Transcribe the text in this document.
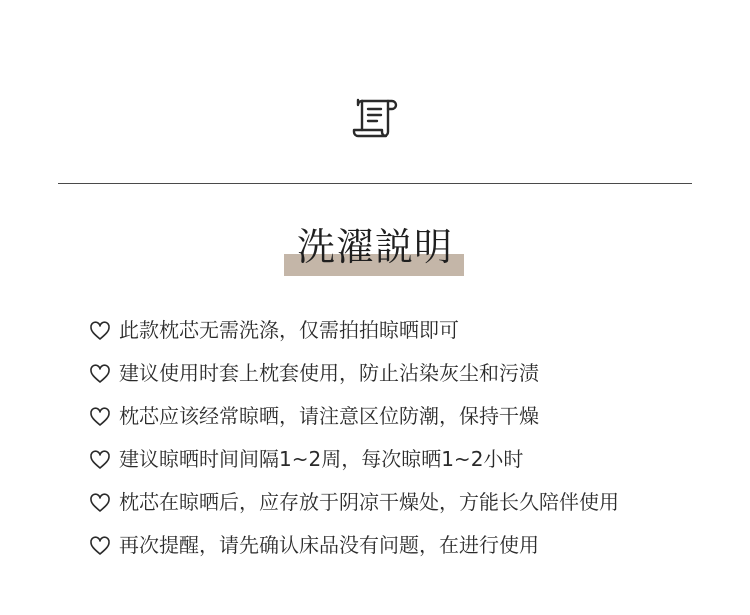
洗濯説明
此款枕芯无需洗涤，仅需拍拍晾晒即可
建议使用时套上枕套使用，防止沾染灰尘和污渍
枕芯应该经常晾晒，请注意区位防潮，保持干燥
建议晾晒时间间隔1~2周，每次晾晒1~2小时
枕芯在晾晒后，应存放于阴凉干燥处，方能长久陪伴使用
再次提醒，请先确认床品没有问题，在进行使用
